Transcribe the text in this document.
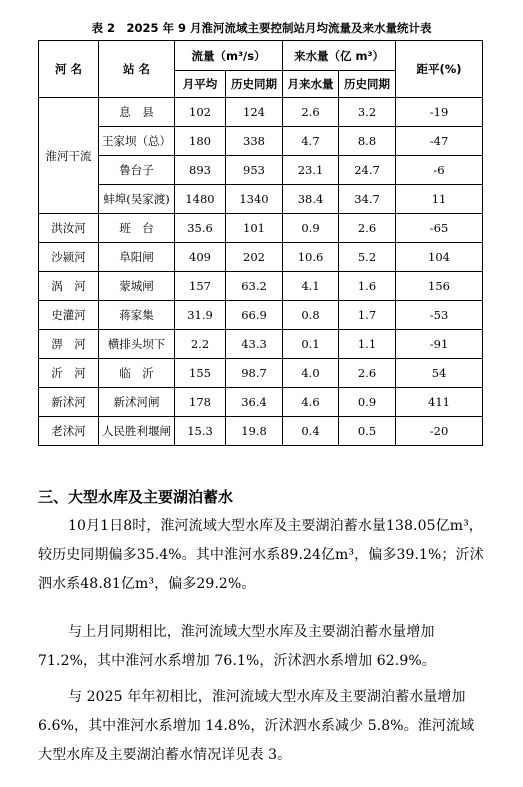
表 2　2025 年 9 月淮河流域主要控制站月均流量及来水量统计表
河 名	站 名	流量（m³/s）		来水量（亿 m³）		距平(%)
		月平均	历史同期	月来水量	历史同期	
淮河干流	息　县	102	124	2.6	3.2	-19
	王家坝（总）	180	338	4.7	8.8	-47
	鲁台子	893	953	23.1	24.7	-6
	蚌埠(吴家渡)	1480	1340	38.4	34.7	11
洪汝河	班　台	35.6	101	0.9	2.6	-65
沙颍河	阜阳闸	409	202	10.6	5.2	104
涡　河	蒙城闸	157	63.2	4.1	1.6	156
史灌河	蒋家集	31.9	66.9	0.8	1.7	-53
淠　河	横排头坝下	2.2	43.3	0.1	1.1	-91
沂　河	临　沂	155	98.7	4.0	2.6	54
新沭河	新沭河闸	178	36.4	4.6	0.9	411
老沭河	人民胜利堰闸	15.3	19.8	0.4	0.5	-20
三、大型水库及主要湖泊蓄水

10月1日8时，淮河流域大型水库及主要湖泊蓄水量138.05亿m³，较历史同期偏多35.4%。其中淮河水系89.24亿m³，偏多39.1%；沂沭泗水系48.81亿m³，偏多29.2%。

与上月同期相比，淮河流域大型水库及主要湖泊蓄水量增加71.2%，其中淮河水系增加 76.1%，沂沭泗水系增加 62.9%。

与 2025 年年初相比，淮河流域大型水库及主要湖泊蓄水量增加6.6%，其中淮河水系增加 14.8%，沂沭泗水系减少 5.8%。淮河流域大型水库及主要湖泊蓄水情况详见表 3。
